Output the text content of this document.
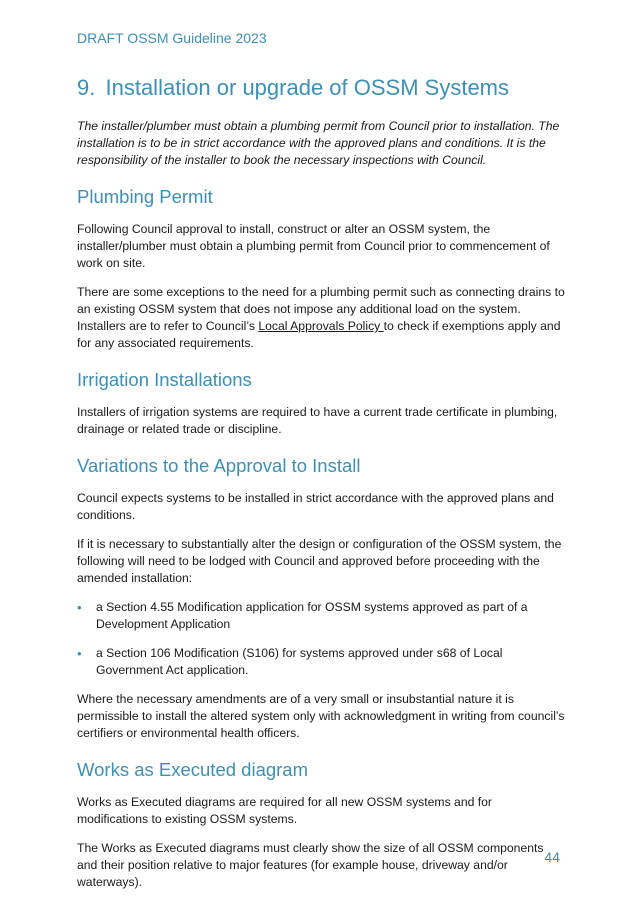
DRAFT OSSM Guideline 2023
9. Installation or upgrade of OSSM Systems

The installer/plumber must obtain a plumbing permit from Council prior to installation. The installation is to be in strict accordance with the approved plans and conditions. It is the responsibility of the installer to book the necessary inspections with Council.

Plumbing Permit

Following Council approval to install, construct or alter an OSSM system, the installer/plumber must obtain a plumbing permit from Council prior to commencement of work on site.

There are some exceptions to the need for a plumbing permit such as connecting drains to an existing OSSM system that does not impose any additional load on the system. Installers are to refer to Council’s Local Approvals Policy to check if exemptions apply and for any associated requirements.

Irrigation Installations

Installers of irrigation systems are required to have a current trade certificate in plumbing, drainage or related trade or discipline.

Variations to the Approval to Install

Council expects systems to be installed in strict accordance with the approved plans and conditions.

If it is necessary to substantially alter the design or configuration of the OSSM system, the following will need to be lodged with Council and approved before proceeding with the amended installation:

• a Section 4.55 Modification application for OSSM systems approved as part of a Development Application
• a Section 106 Modification (S106) for systems approved under s68 of Local Government Act application.

Where the necessary amendments are of a very small or insubstantial nature it is permissible to install the altered system only with acknowledgment in writing from council’s certifiers or environmental health officers.

Works as Executed diagram

Works as Executed diagrams are required for all new OSSM systems and for modifications to existing OSSM systems.

The Works as Executed diagrams must clearly show the size of all OSSM components and their position relative to major features (for example house, driveway and/or waterways).

44
